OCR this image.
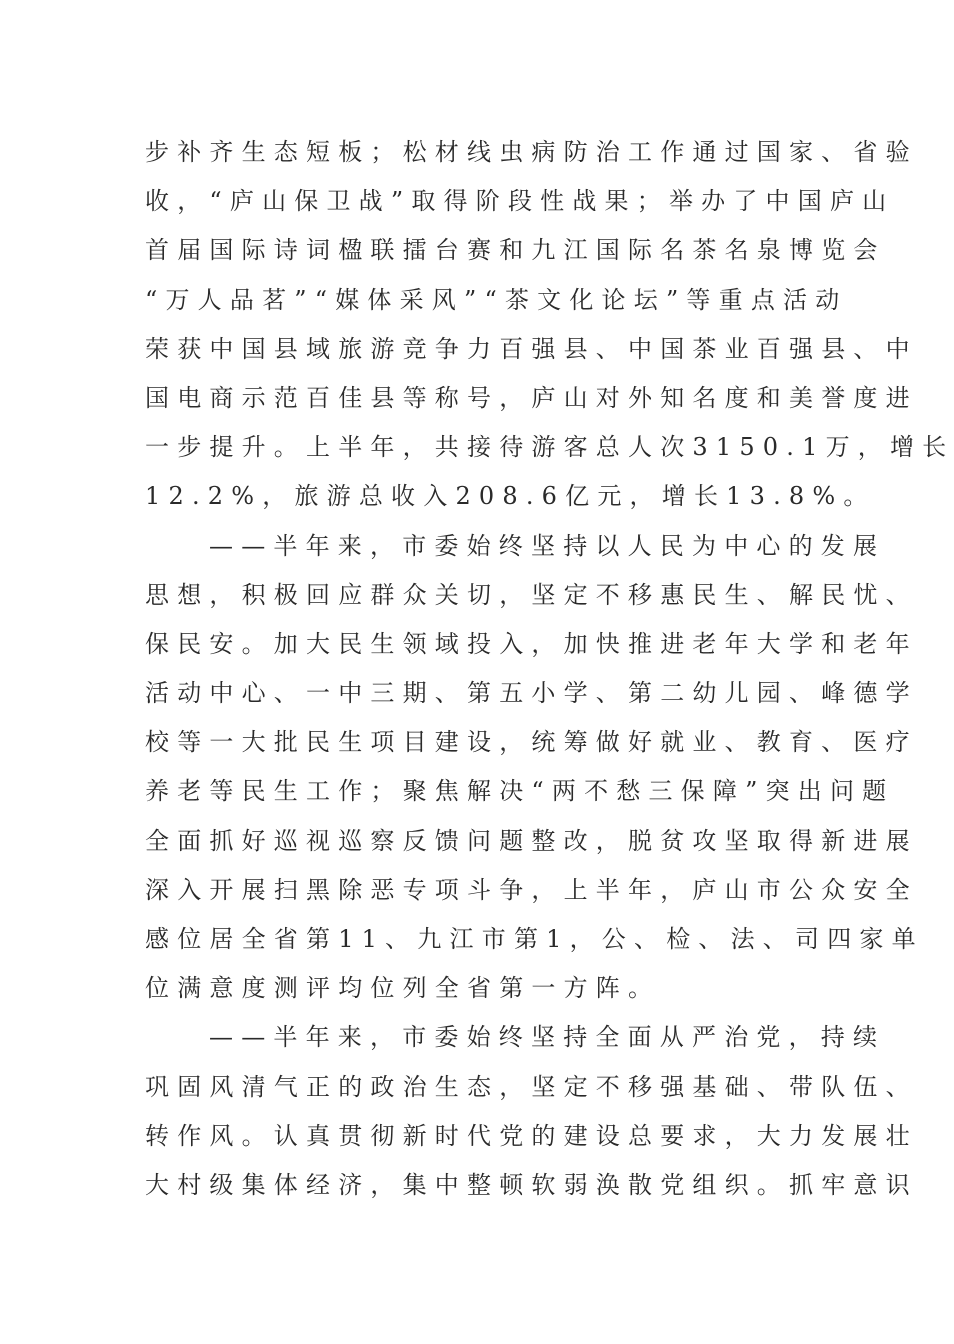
步补齐生态短板；松材线虫病防治工作通过国家、省验
收，“庐山保卫战”取得阶段性战果；举办了中国庐山
首届国际诗词楹联擂台赛和九江国际名茶名泉博览会
“万人品茗”“媒体采风”“茶文化论坛”等重点活动
荣获中国县域旅游竞争力百强县、中国茶业百强县、中
国电商示范百佳县等称号，庐山对外知名度和美誉度进
一步提升。上半年，共接待游客总人次3150.1万，增长
12.2%，旅游总收入208.6亿元，增长13.8%。
——半年来，市委始终坚持以人民为中心的发展
思想，积极回应群众关切，坚定不移惠民生、解民忧、
保民安。加大民生领域投入，加快推进老年大学和老年
活动中心、一中三期、第五小学、第二幼儿园、峰德学
校等一大批民生项目建设，统筹做好就业、教育、医疗
养老等民生工作；聚焦解决“两不愁三保障”突出问题
全面抓好巡视巡察反馈问题整改，脱贫攻坚取得新进展
深入开展扫黑除恶专项斗争，上半年，庐山市公众安全
感位居全省第11、九江市第1，公、检、法、司四家单
位满意度测评均位列全省第一方阵。
——半年来，市委始终坚持全面从严治党，持续
巩固风清气正的政治生态，坚定不移强基础、带队伍、
转作风。认真贯彻新时代党的建设总要求，大力发展壮
大村级集体经济，集中整顿软弱涣散党组织。抓牢意识
